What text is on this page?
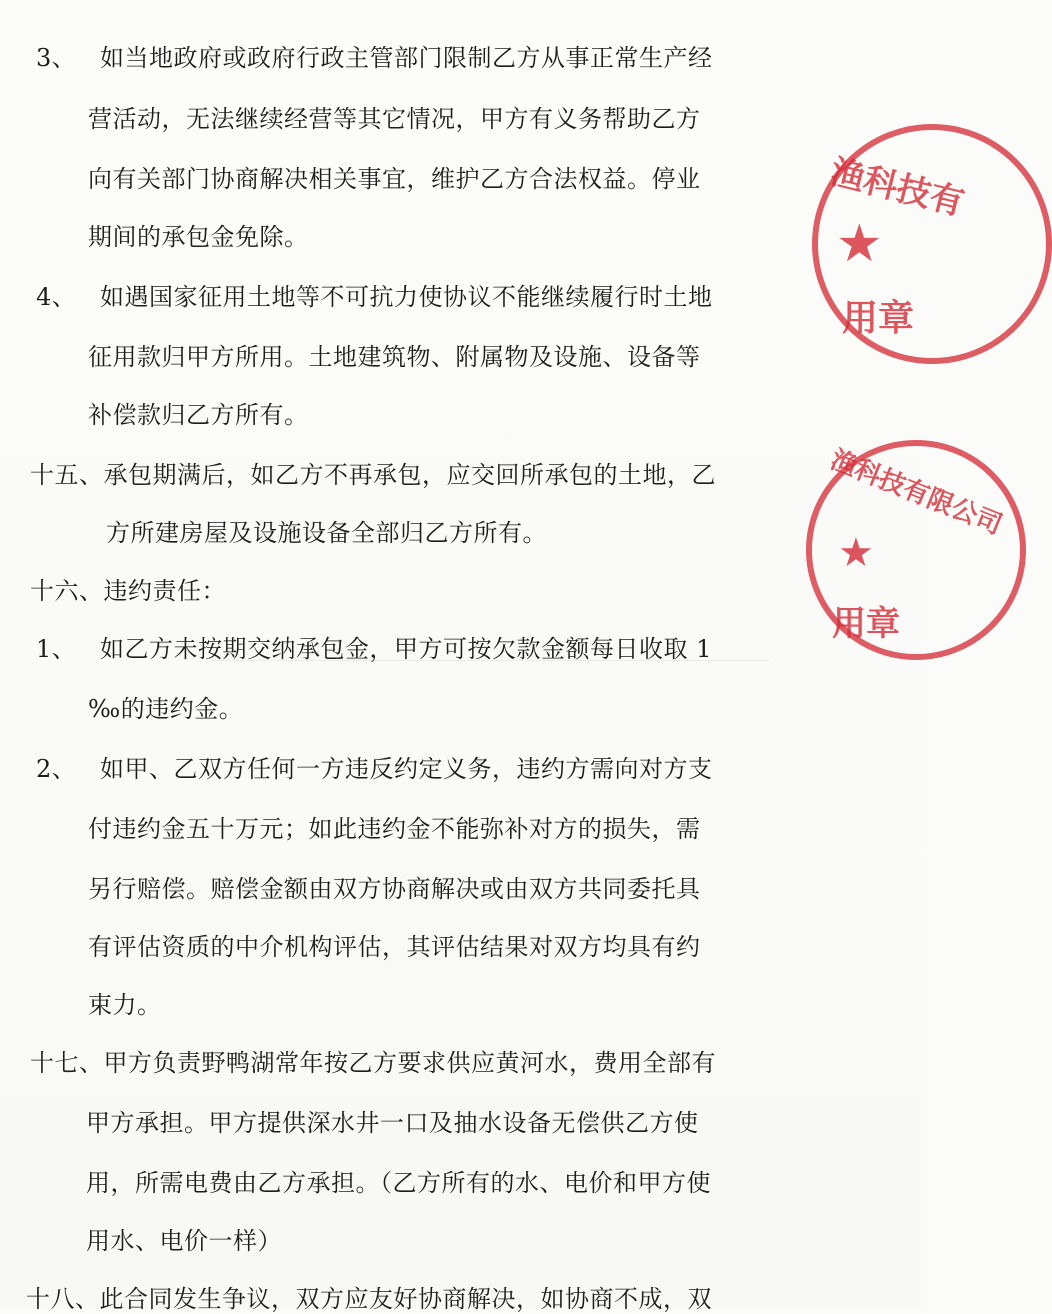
3、 如当地政府或政府行政主管部门限制乙方从事正常生产经
营活动，无法继续经营等其它情况，甲方有义务帮助乙方
向有关部门协商解决相关事宜，维护乙方合法权益。停业
期间的承包金免除。
4、 如遇国家征用土地等不可抗力使协议不能继续履行时土地
征用款归甲方所用。土地建筑物、附属物及设施、设备等
补偿款归乙方所有。
十五、承包期满后，如乙方不再承包，应交回所承包的土地，乙
方所建房屋及设施设备全部归乙方所有。
十六、违约责任：
1、 如乙方未按期交纳承包金，甲方可按欠款金额每日收取 1
‰的违约金。
2、 如甲、乙双方任何一方违反约定义务，违约方需向对方支
付违约金五十万元；如此违约金不能弥补对方的损失，需
另行赔偿。赔偿金额由双方协商解决或由双方共同委托具
有评估资质的中介机构评估，其评估结果对双方均具有约
束力。
十七、甲方负责野鸭湖常年按乙方要求供应黄河水，费用全部有
甲方承担。甲方提供深水井一口及抽水设备无偿供乙方使
用，所需电费由乙方承担。（乙方所有的水、电价和甲方使
用水、电价一样）
十八、此合同发生争议，双方应友好协商解决，如协商不成，双
渔科技有
★
用章
渔科技有限公司
★
用章
